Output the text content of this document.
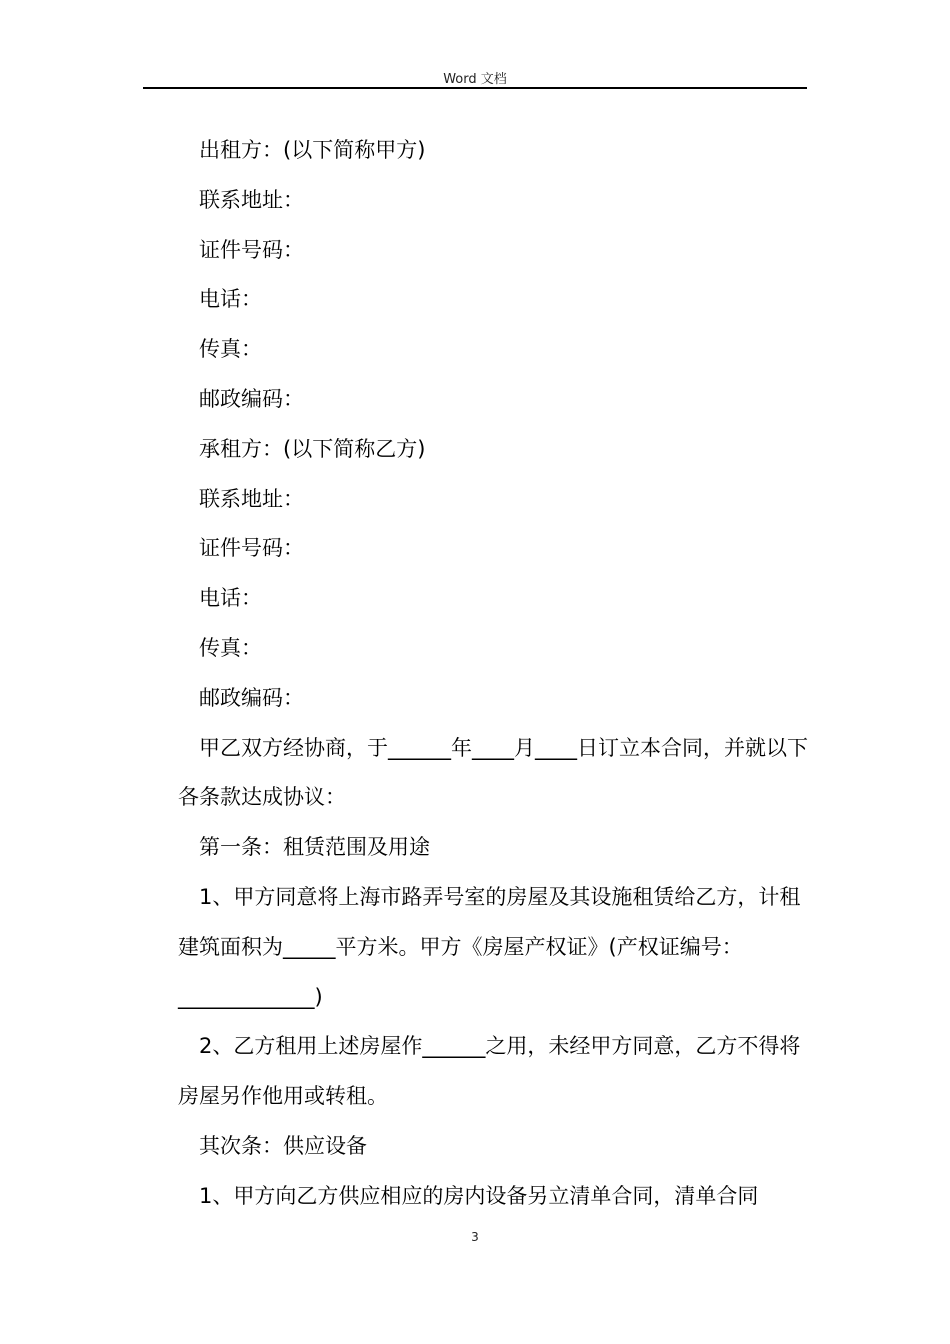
Word 文档

出租方：(以下简称甲方)

联系地址：

证件号码：

电话：

传真：

邮政编码：

承租方：(以下简称乙方)

联系地址：

证件号码：

电话：

传真：

邮政编码：

甲乙双方经协商，于______年____月____日订立本合同，并就以下各条款达成协议：

第一条：租赁范围及用途

1、甲方同意将上海市路弄号室的房屋及其设施租赁给乙方，计租建筑面积为_____平方米。甲方《房屋产权证》(产权证编号：

_____________)

2、乙方租用上述房屋作______之用，未经甲方同意，乙方不得将房屋另作他用或转租。

其次条：供应设备

1、甲方向乙方供应相应的房内设备另立清单合同，清单合同

3
